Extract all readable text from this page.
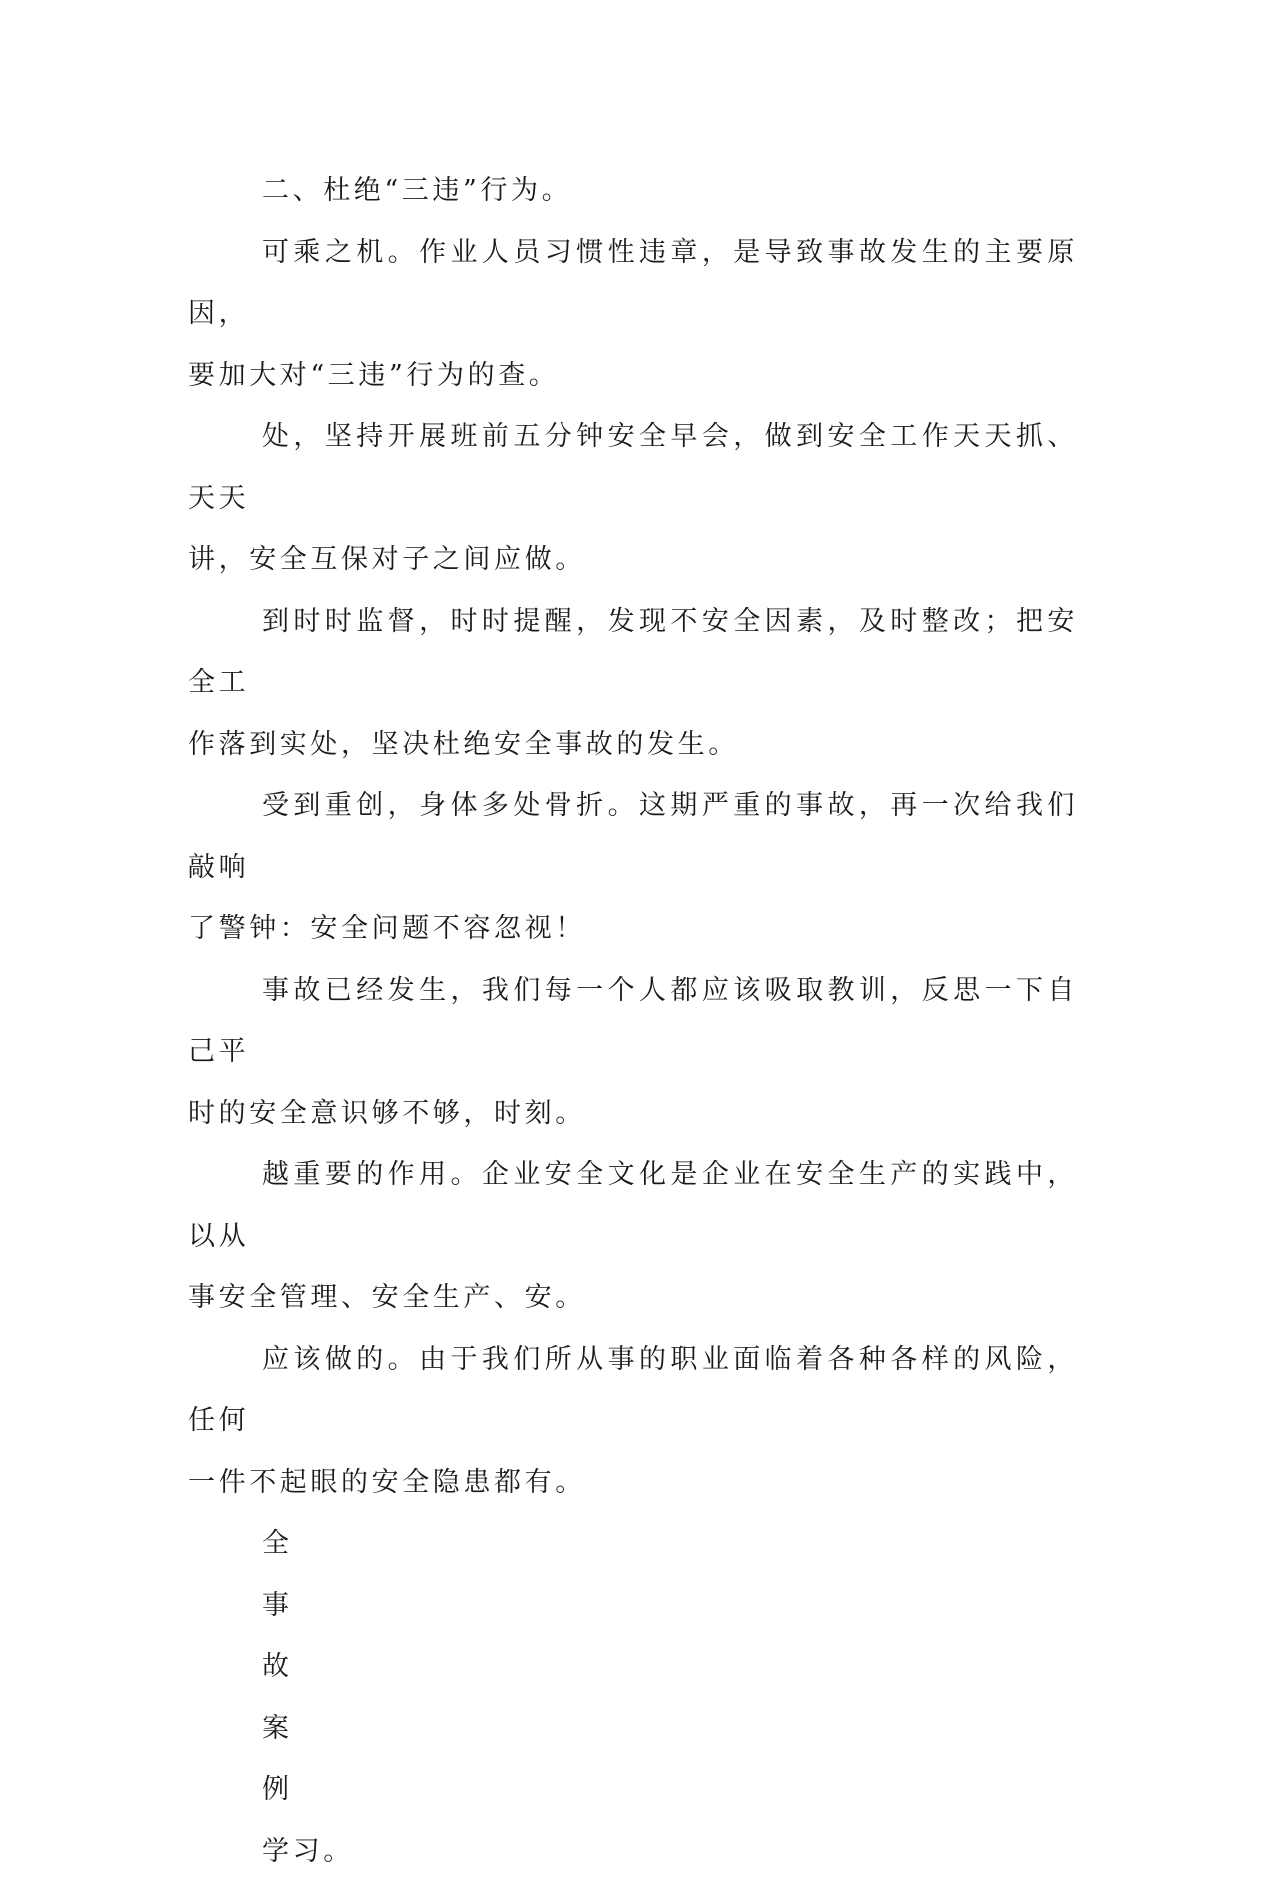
二、杜绝“三违”行为。

可乘之机。作业人员习惯性违章，是导致事故发生的主要原因，
要加大对“三违”行为的查。

处，坚持开展班前五分钟安全早会，做到安全工作天天抓、天天
讲，安全互保对子之间应做。

到时时监督，时时提醒，发现不安全因素，及时整改；把安全工
作落到实处，坚决杜绝安全事故的发生。

受到重创，身体多处骨折。这期严重的事故，再一次给我们敲响
了警钟：安全问题不容忽视！

事故已经发生，我们每一个人都应该吸取教训，反思一下自己平
时的安全意识够不够，时刻。

越重要的作用。企业安全文化是企业在安全生产的实践中，以从
事安全管理、安全生产、安。

应该做的。由于我们所从事的职业面临着各种各样的风险，任何
一件不起眼的安全隐患都有。

全

事

故

案

例

学习。
